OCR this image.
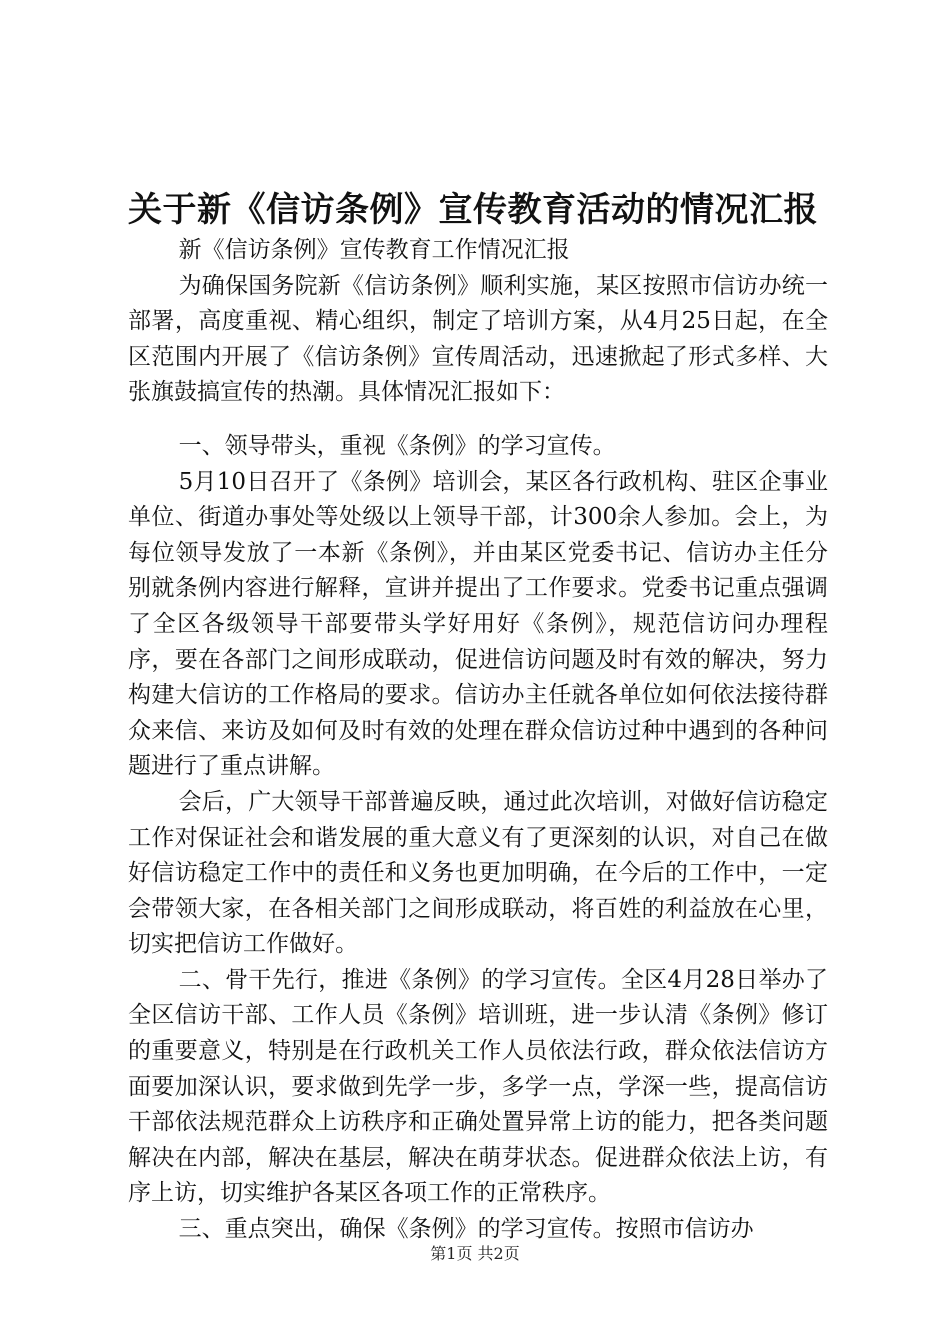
关于新《信访条例》宣传教育活动的情况汇报

新《信访条例》宣传教育工作情况汇报

为确保国务院新《信访条例》顺利实施，某区按照市信访办统一部署，高度重视、精心组织，制定了培训方案，从4月25日起，在全区范围内开展了《信访条例》宣传周活动，迅速掀起了形式多样、大张旗鼓搞宣传的热潮。具体情况汇报如下：

一、领导带头，重视《条例》的学习宣传。

5月10日召开了《条例》培训会，某区各行政机构、驻区企事业单位、街道办事处等处级以上领导干部，计300余人参加。会上，为每位领导发放了一本新《条例》，并由某区党委书记、信访办主任分别就条例内容进行解释，宣讲并提出了工作要求。党委书记重点强调了全区各级领导干部要带头学好用好《条例》，规范信访问办理程序，要在各部门之间形成联动，促进信访问题及时有效的解决，努力构建大信访的工作格局的要求。信访办主任就各单位如何依法接待群众来信、来访及如何及时有效的处理在群众信访过种中遇到的各种问题进行了重点讲解。

会后，广大领导干部普遍反映，通过此次培训，对做好信访稳定工作对保证社会和谐发展的重大意义有了更深刻的认识，对自己在做好信访稳定工作中的责任和义务也更加明确，在今后的工作中，一定会带领大家，在各相关部门之间形成联动，将百姓的利益放在心里，切实把信访工作做好。

二、骨干先行，推进《条例》的学习宣传。全区4月28日举办了全区信访干部、工作人员《条例》培训班，进一步认清《条例》修订的重要意义，特别是在行政机关工作人员依法行政，群众依法信访方面要加深认识，要求做到先学一步，多学一点，学深一些，提高信访干部依法规范群众上访秩序和正确处置异常上访的能力，把各类问题解决在内部，解决在基层，解决在萌芽状态。促进群众依法上访，有序上访，切实维护各某区各项工作的正常秩序。

三、重点突出，确保《条例》的学习宣传。按照市信访办

第1页 共2页
